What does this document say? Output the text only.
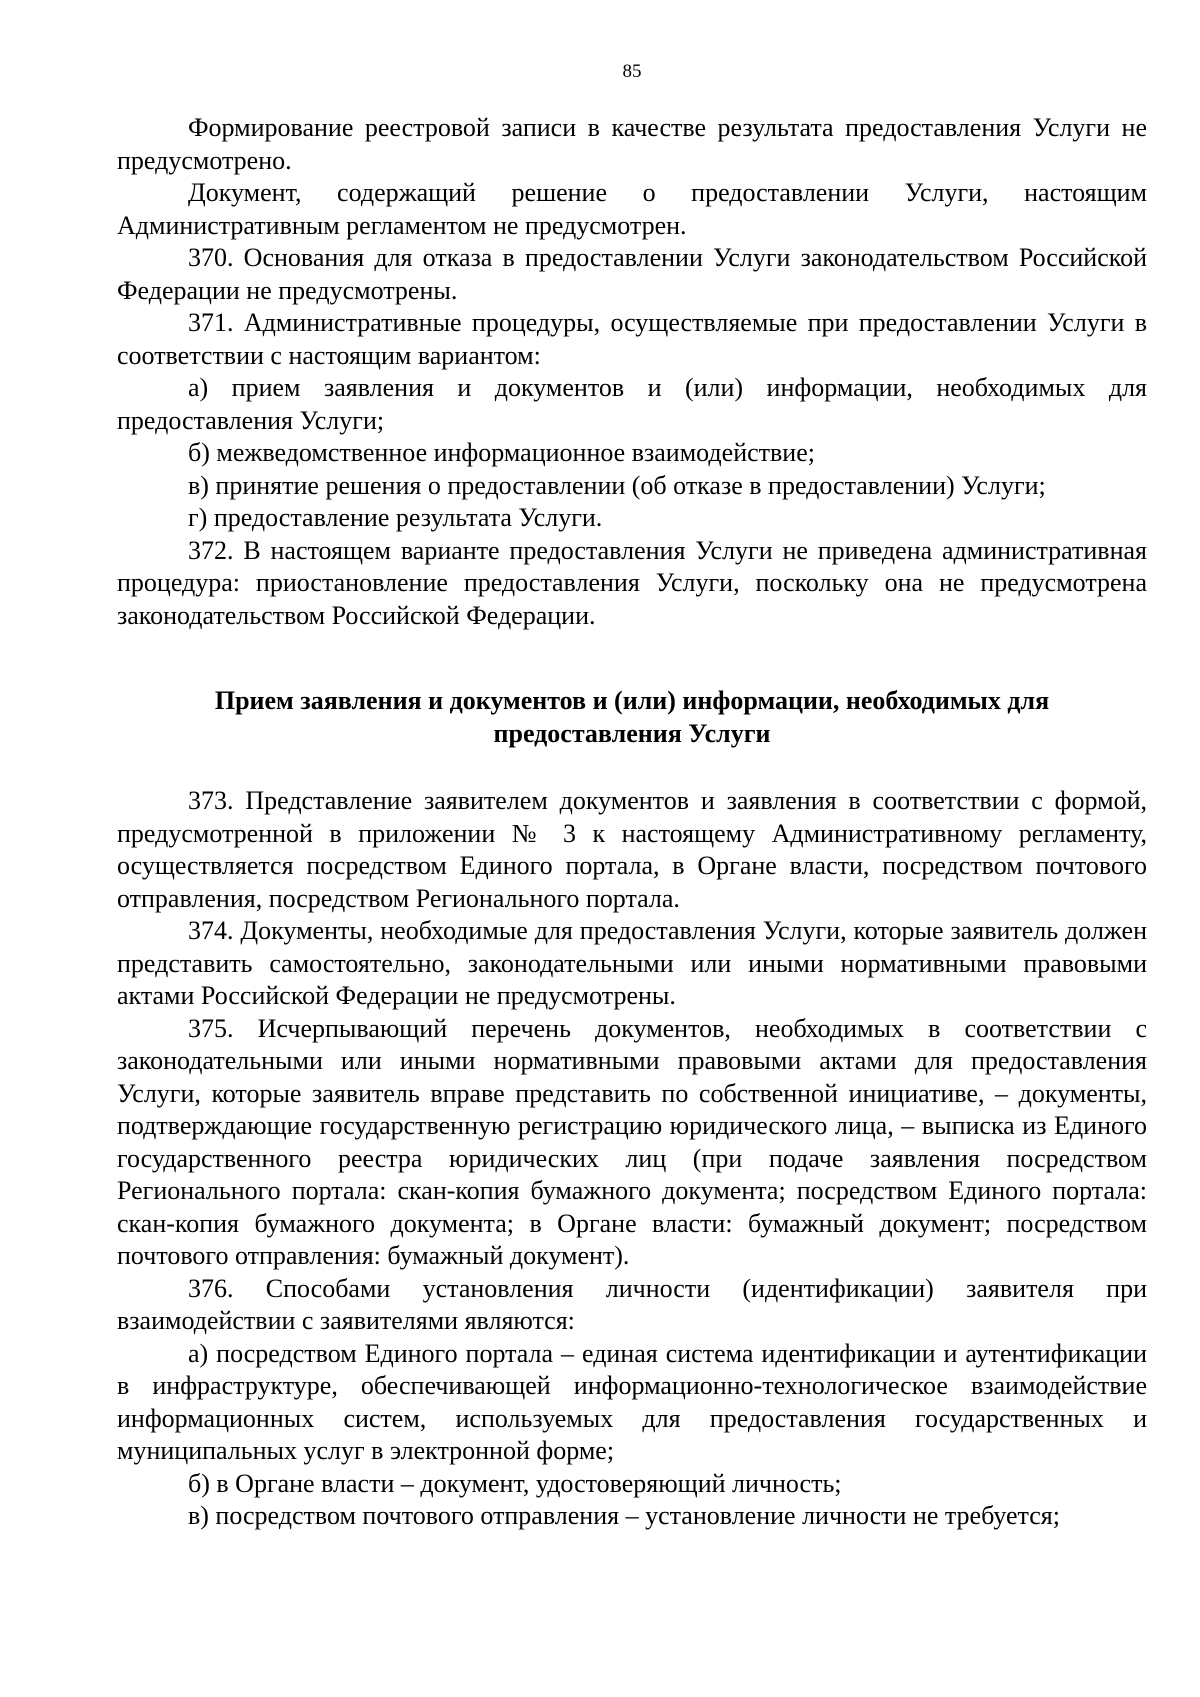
85

Формирование реестровой записи в качестве результата предоставления Услуги не предусмотрено.

Документ, содержащий решение о предоставлении Услуги, настоящим Административным регламентом не предусмотрен.

370. Основания для отказа в предоставлении Услуги законодательством Российской Федерации не предусмотрены.

371. Административные процедуры, осуществляемые при предоставлении Услуги в соответствии с настоящим вариантом:

а) прием заявления и документов и (или) информации, необходимых для предоставления Услуги;

б) межведомственное информационное взаимодействие;

в) принятие решения о предоставлении (об отказе в предоставлении) Услуги;

г) предоставление результата Услуги.

372. В настоящем варианте предоставления Услуги не приведена административная процедура: приостановление предоставления Услуги, поскольку она не предусмотрена законодательством Российской Федерации.

Прием заявления и документов и (или) информации, необходимых для
предоставления Услуги

373. Представление заявителем документов и заявления в соответствии с формой, предусмотренной в приложении № 3 к настоящему Административному регламенту, осуществляется посредством Единого портала, в Органе власти, посредством почтового отправления, посредством Регионального портала.

374. Документы, необходимые для предоставления Услуги, которые заявитель должен представить самостоятельно, законодательными или иными нормативными правовыми актами Российской Федерации не предусмотрены.

375. Исчерпывающий перечень документов, необходимых в соответствии с законодательными или иными нормативными правовыми актами для предоставления Услуги, которые заявитель вправе представить по собственной инициативе, – документы, подтверждающие государственную регистрацию юридического лица, – выписка из Единого государственного реестра юридических лиц (при подаче заявления посредством Регионального портала: скан-копия бумажного документа; посредством Единого портала: скан-копия бумажного документа; в Органе власти: бумажный документ; посредством почтового отправления: бумажный документ).

376. Способами установления личности (идентификации) заявителя при взаимодействии с заявителями являются:

а) посредством Единого портала – единая система идентификации и аутентификации в инфраструктуре, обеспечивающей информационно-технологическое взаимодействие информационных систем, используемых для предоставления государственных и муниципальных услуг в электронной форме;

б) в Органе власти – документ, удостоверяющий личность;

в) посредством почтового отправления – установление личности не требуется;
